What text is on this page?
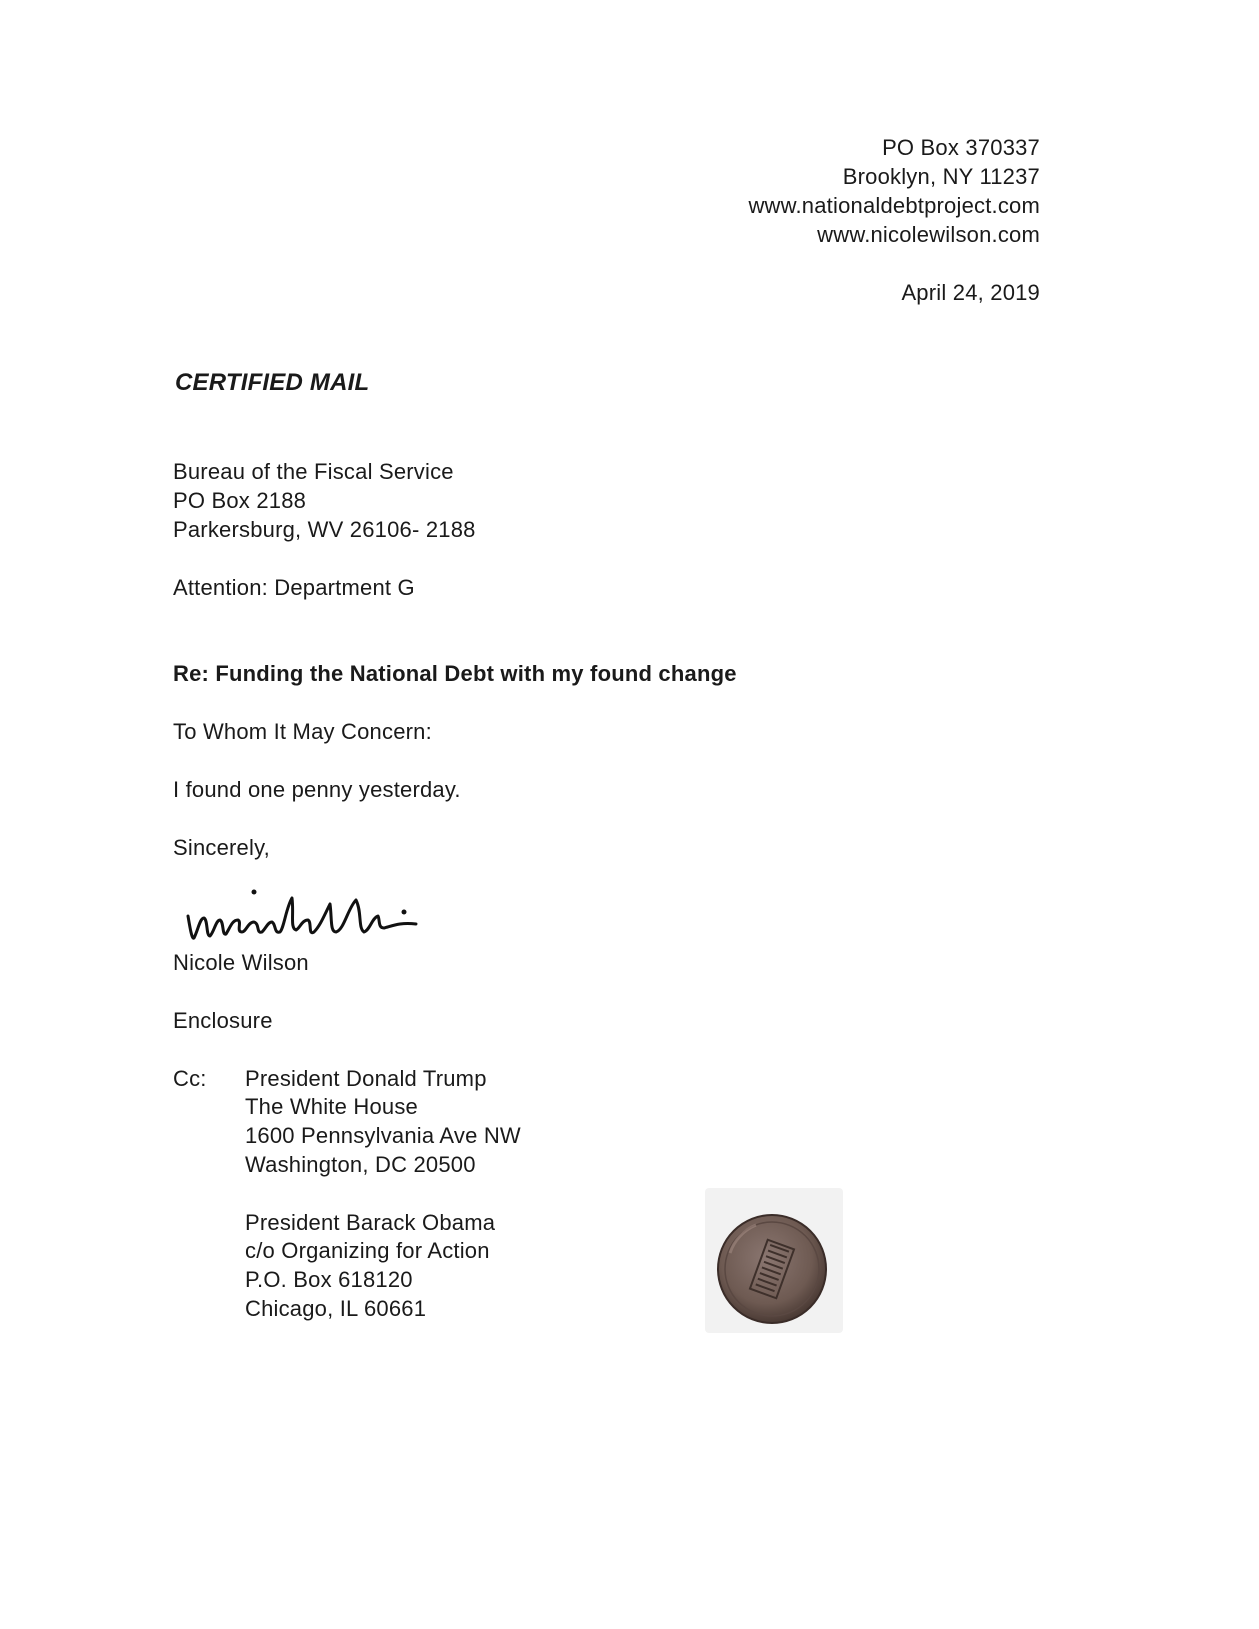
PO Box 370337
Brooklyn, NY 11237
www.nationaldebtproject.com
www.nicolewilson.com
April 24, 2019
CERTIFIED MAIL
Bureau of the Fiscal Service
PO Box 2188
Parkersburg, WV 26106- 2188
Attention: Department G
Re: Funding the National Debt with my found change
To Whom It May Concern:
I found one penny yesterday.
Sincerely,
Nicole Wilson
Enclosure
Cc: President Donald Trump
The White House
1600 Pennsylvania Ave NW
Washington, DC 20500
President Barack Obama
c/o Organizing for Action
P.O. Box 618120
Chicago, IL 60661
